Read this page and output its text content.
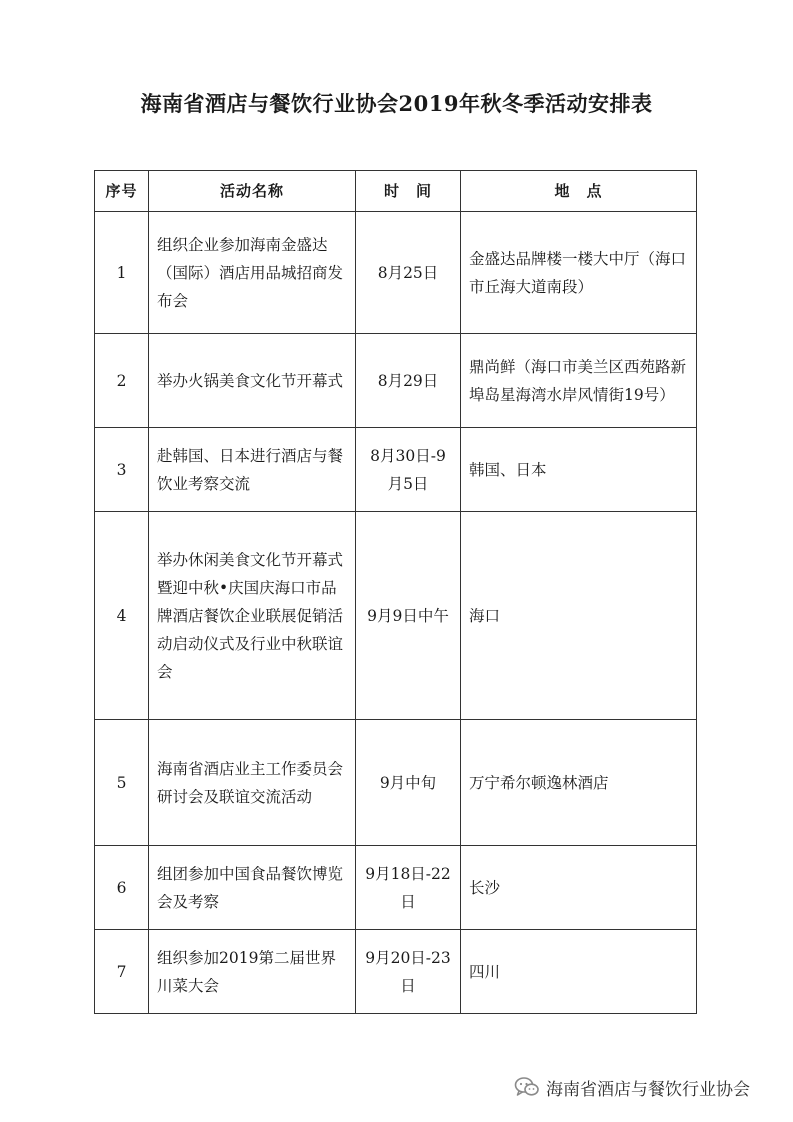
海南省酒店与餐饮行业协会2019年秋冬季活动安排表
序号	活动名称	时　间	地　点
1	组织企业参加海南金盛达（国际）酒店用品城招商发布会	8月25日	金盛达品牌楼一楼大中厅（海口市丘海大道南段）
2	举办火锅美食文化节开幕式	8月29日	鼎尚鲜（海口市美兰区西苑路新埠岛星海湾水岸风情街19号）
3	赴韩国、日本进行酒店与餐饮业考察交流	8月30日-9月5日	韩国、日本
4	举办休闲美食文化节开幕式暨迎中秋•庆国庆海口市品牌酒店餐饮企业联展促销活动启动仪式及行业中秋联谊会	9月9日中午	海口
5	海南省酒店业主工作委员会研讨会及联谊交流活动	9月中旬	万宁希尔顿逸林酒店
6	组团参加中国食品餐饮博览会及考察	9月18日-22日	长沙
7	组织参加2019第二届世界川菜大会	9月20日-23日	四川
海南省酒店与餐饮行业协会
